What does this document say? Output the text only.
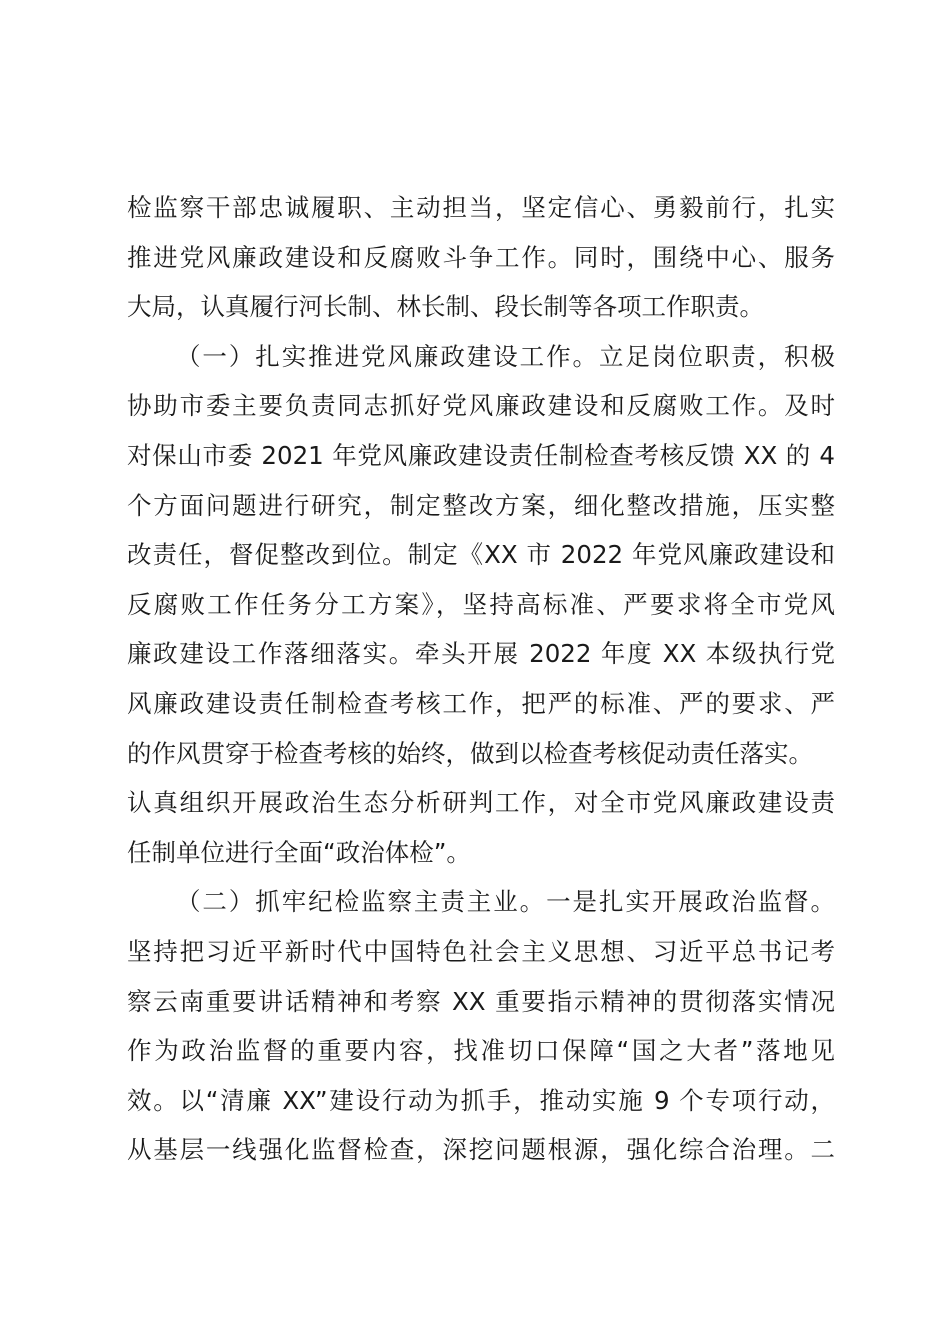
检监察干部忠诚履职、主动担当，坚定信心、勇毅前行，扎实
推进党风廉政建设和反腐败斗争工作。同时，围绕中心、服务
大局，认真履行河长制、林长制、段长制等各项工作职责。
（一）扎实推进党风廉政建设工作。立足岗位职责，积极
协助市委主要负责同志抓好党风廉政建设和反腐败工作。及时
对保山市委 2021 年党风廉政建设责任制检查考核反馈 XX 的 4
个方面问题进行研究，制定整改方案，细化整改措施，压实整
改责任，督促整改到位。制定《XX 市 2022 年党风廉政建设和
反腐败工作任务分工方案》，坚持高标准、严要求将全市党风
廉政建设工作落细落实。牵头开展 2022 年度 XX 本级执行党
风廉政建设责任制检查考核工作，把严的标准、严的要求、严
的作风贯穿于检查考核的始终，做到以检查考核促动责任落实。
认真组织开展政治生态分析研判工作，对全市党风廉政建设责
任制单位进行全面“政治体检”。
（二）抓牢纪检监察主责主业。一是扎实开展政治监督。
坚持把习近平新时代中国特色社会主义思想、习近平总书记考
察云南重要讲话精神和考察 XX 重要指示精神的贯彻落实情况
作为政治监督的重要内容，找准切口保障“国之大者”落地见
效。以“清廉 XX”建设行动为抓手，推动实施 9 个专项行动，
从基层一线强化监督检查，深挖问题根源，强化综合治理。二
